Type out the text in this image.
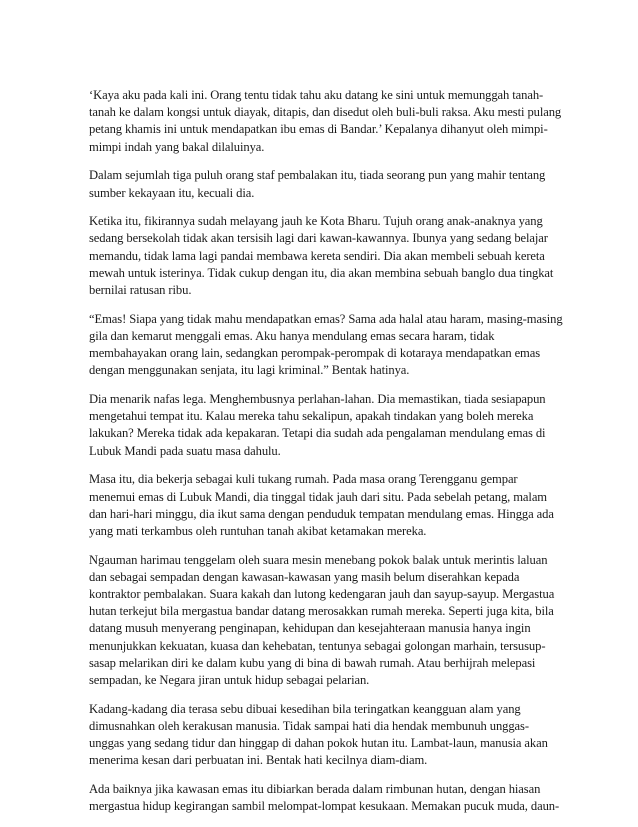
‘Kaya aku pada kali ini. Orang tentu tidak tahu aku datang ke sini untuk memunggah tanah-tanah ke dalam kongsi untuk diayak, ditapis, dan disedut oleh buli-buli raksa. Aku mesti pulang petang khamis ini untuk mendapatkan ibu emas di Bandar.’ Kepalanya dihanyut oleh mimpi-mimpi indah yang bakal dilaluinya.

Dalam sejumlah tiga puluh orang staf pembalakan itu, tiada seorang pun yang mahir tentang sumber kekayaan itu, kecuali dia.

Ketika itu, fikirannya sudah melayang jauh ke Kota Bharu. Tujuh orang anak-anaknya yang sedang bersekolah tidak akan tersisih lagi dari kawan-kawannya. Ibunya yang sedang belajar memandu, tidak lama lagi pandai membawa kereta sendiri. Dia akan membeli sebuah kereta mewah untuk isterinya. Tidak cukup dengan itu, dia akan membina sebuah banglo dua tingkat bernilai ratusan ribu.

“Emas! Siapa yang tidak mahu mendapatkan emas? Sama ada halal atau haram, masing-masing gila dan kemarut menggali emas. Aku hanya mendulang emas secara haram, tidak membahayakan orang lain, sedangkan perompak-perompak di kotaraya mendapatkan emas dengan menggunakan senjata, itu lagi kriminal.” Bentak hatinya.

Dia menarik nafas lega. Menghembusnya perlahan-lahan. Dia memastikan, tiada sesiapapun mengetahui tempat itu. Kalau mereka tahu sekalipun, apakah tindakan yang boleh mereka lakukan? Mereka tidak ada kepakaran. Tetapi dia sudah ada pengalaman mendulang emas di Lubuk Mandi pada suatu masa dahulu.

Masa itu, dia bekerja sebagai kuli tukang rumah. Pada masa orang Terengganu gempar menemui emas di Lubuk Mandi, dia tinggal tidak jauh dari situ. Pada sebelah petang, malam dan hari-hari minggu, dia ikut sama dengan penduduk tempatan mendulang emas. Hingga ada yang mati terkambus oleh runtuhan tanah akibat ketamakan mereka.

Ngauman harimau tenggelam oleh suara mesin menebang pokok balak untuk merintis laluan dan sebagai sempadan dengan kawasan-kawasan yang masih belum diserahkan kepada kontraktor pembalakan. Suara kakah dan lutong kedengaran jauh dan sayup-sayup. Mergastua hutan terkejut bila mergastua bandar datang merosakkan rumah mereka. Seperti juga kita, bila datang musuh menyerang penginapan, kehidupan dan kesejahteraan manusia hanya ingin menunjukkan kekuatan, kuasa dan kehebatan, tentunya sebagai golongan marhain, tersusup-sasap melarikan diri ke dalam kubu yang di bina di bawah rumah. Atau berhijrah melepasi sempadan, ke Negara jiran untuk hidup sebagai pelarian.

Kadang-kadang dia terasa sebu dibuai kesedihan bila teringatkan keangguan alam yang dimusnahkan oleh kerakusan manusia. Tidak sampai hati dia hendak membunuh unggas-unggas yang sedang tidur dan hinggap di dahan pokok hutan itu. Lambat-laun, manusia akan menerima kesan dari perbuatan ini. Bentak hati kecilnya diam-diam.

Ada baiknya jika kawasan emas itu dibiarkan berada dalam rimbunan hutan, dengan hiasan mergastua hidup kegirangan sambil melompat-lompat kesukaan. Memakan pucuk muda, daun-
